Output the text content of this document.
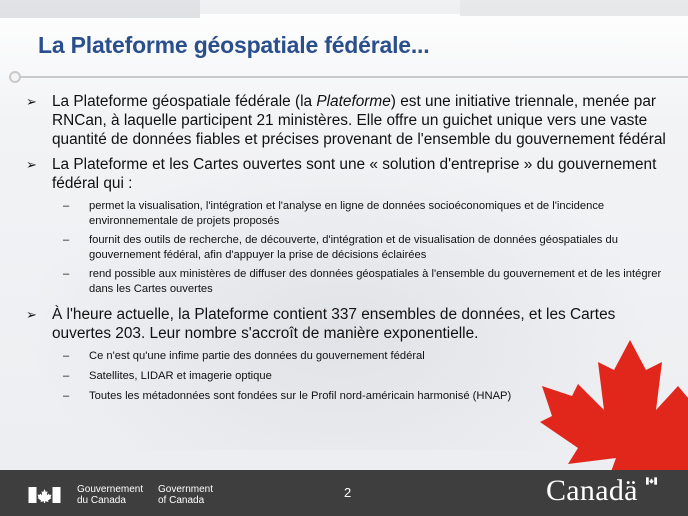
La Plateforme géospatiale fédérale...
➢ La Plateforme géospatiale fédérale (la Plateforme) est une initiative triennale, menée par RNCan, à laquelle participent 21 ministères. Elle offre un guichet unique vers une vaste quantité de données fiables et précises provenant de l'ensemble du gouvernement fédéral
➢ La Plateforme et les Cartes ouvertes sont une « solution d'entreprise » du gouvernement fédéral qui :
– permet la visualisation, l'intégration et l'analyse en ligne de données socioéconomiques et de l'incidence environnementale de projets proposés
– fournit des outils de recherche, de découverte, d'intégration et de visualisation de données géospatiales du gouvernement fédéral, afin d'appuyer la prise de décisions éclairées
– rend possible aux ministères de diffuser des données géospatiales à l'ensemble du gouvernement et de les intégrer dans les Cartes ouvertes
➢ À l'heure actuelle, la Plateforme contient 337 ensembles de données, et les Cartes ouvertes 203. Leur nombre s'accroît de manière exponentielle.
– Ce n'est qu'une infime partie des données du gouvernement fédéral
– Satellites, LIDAR et imagerie optique
– Toutes les métadonnées sont fondées sur le Profil nord-américain harmonisé (HNAP)
Gouvernement
du Canada
Government
of Canada
2	Canadä
